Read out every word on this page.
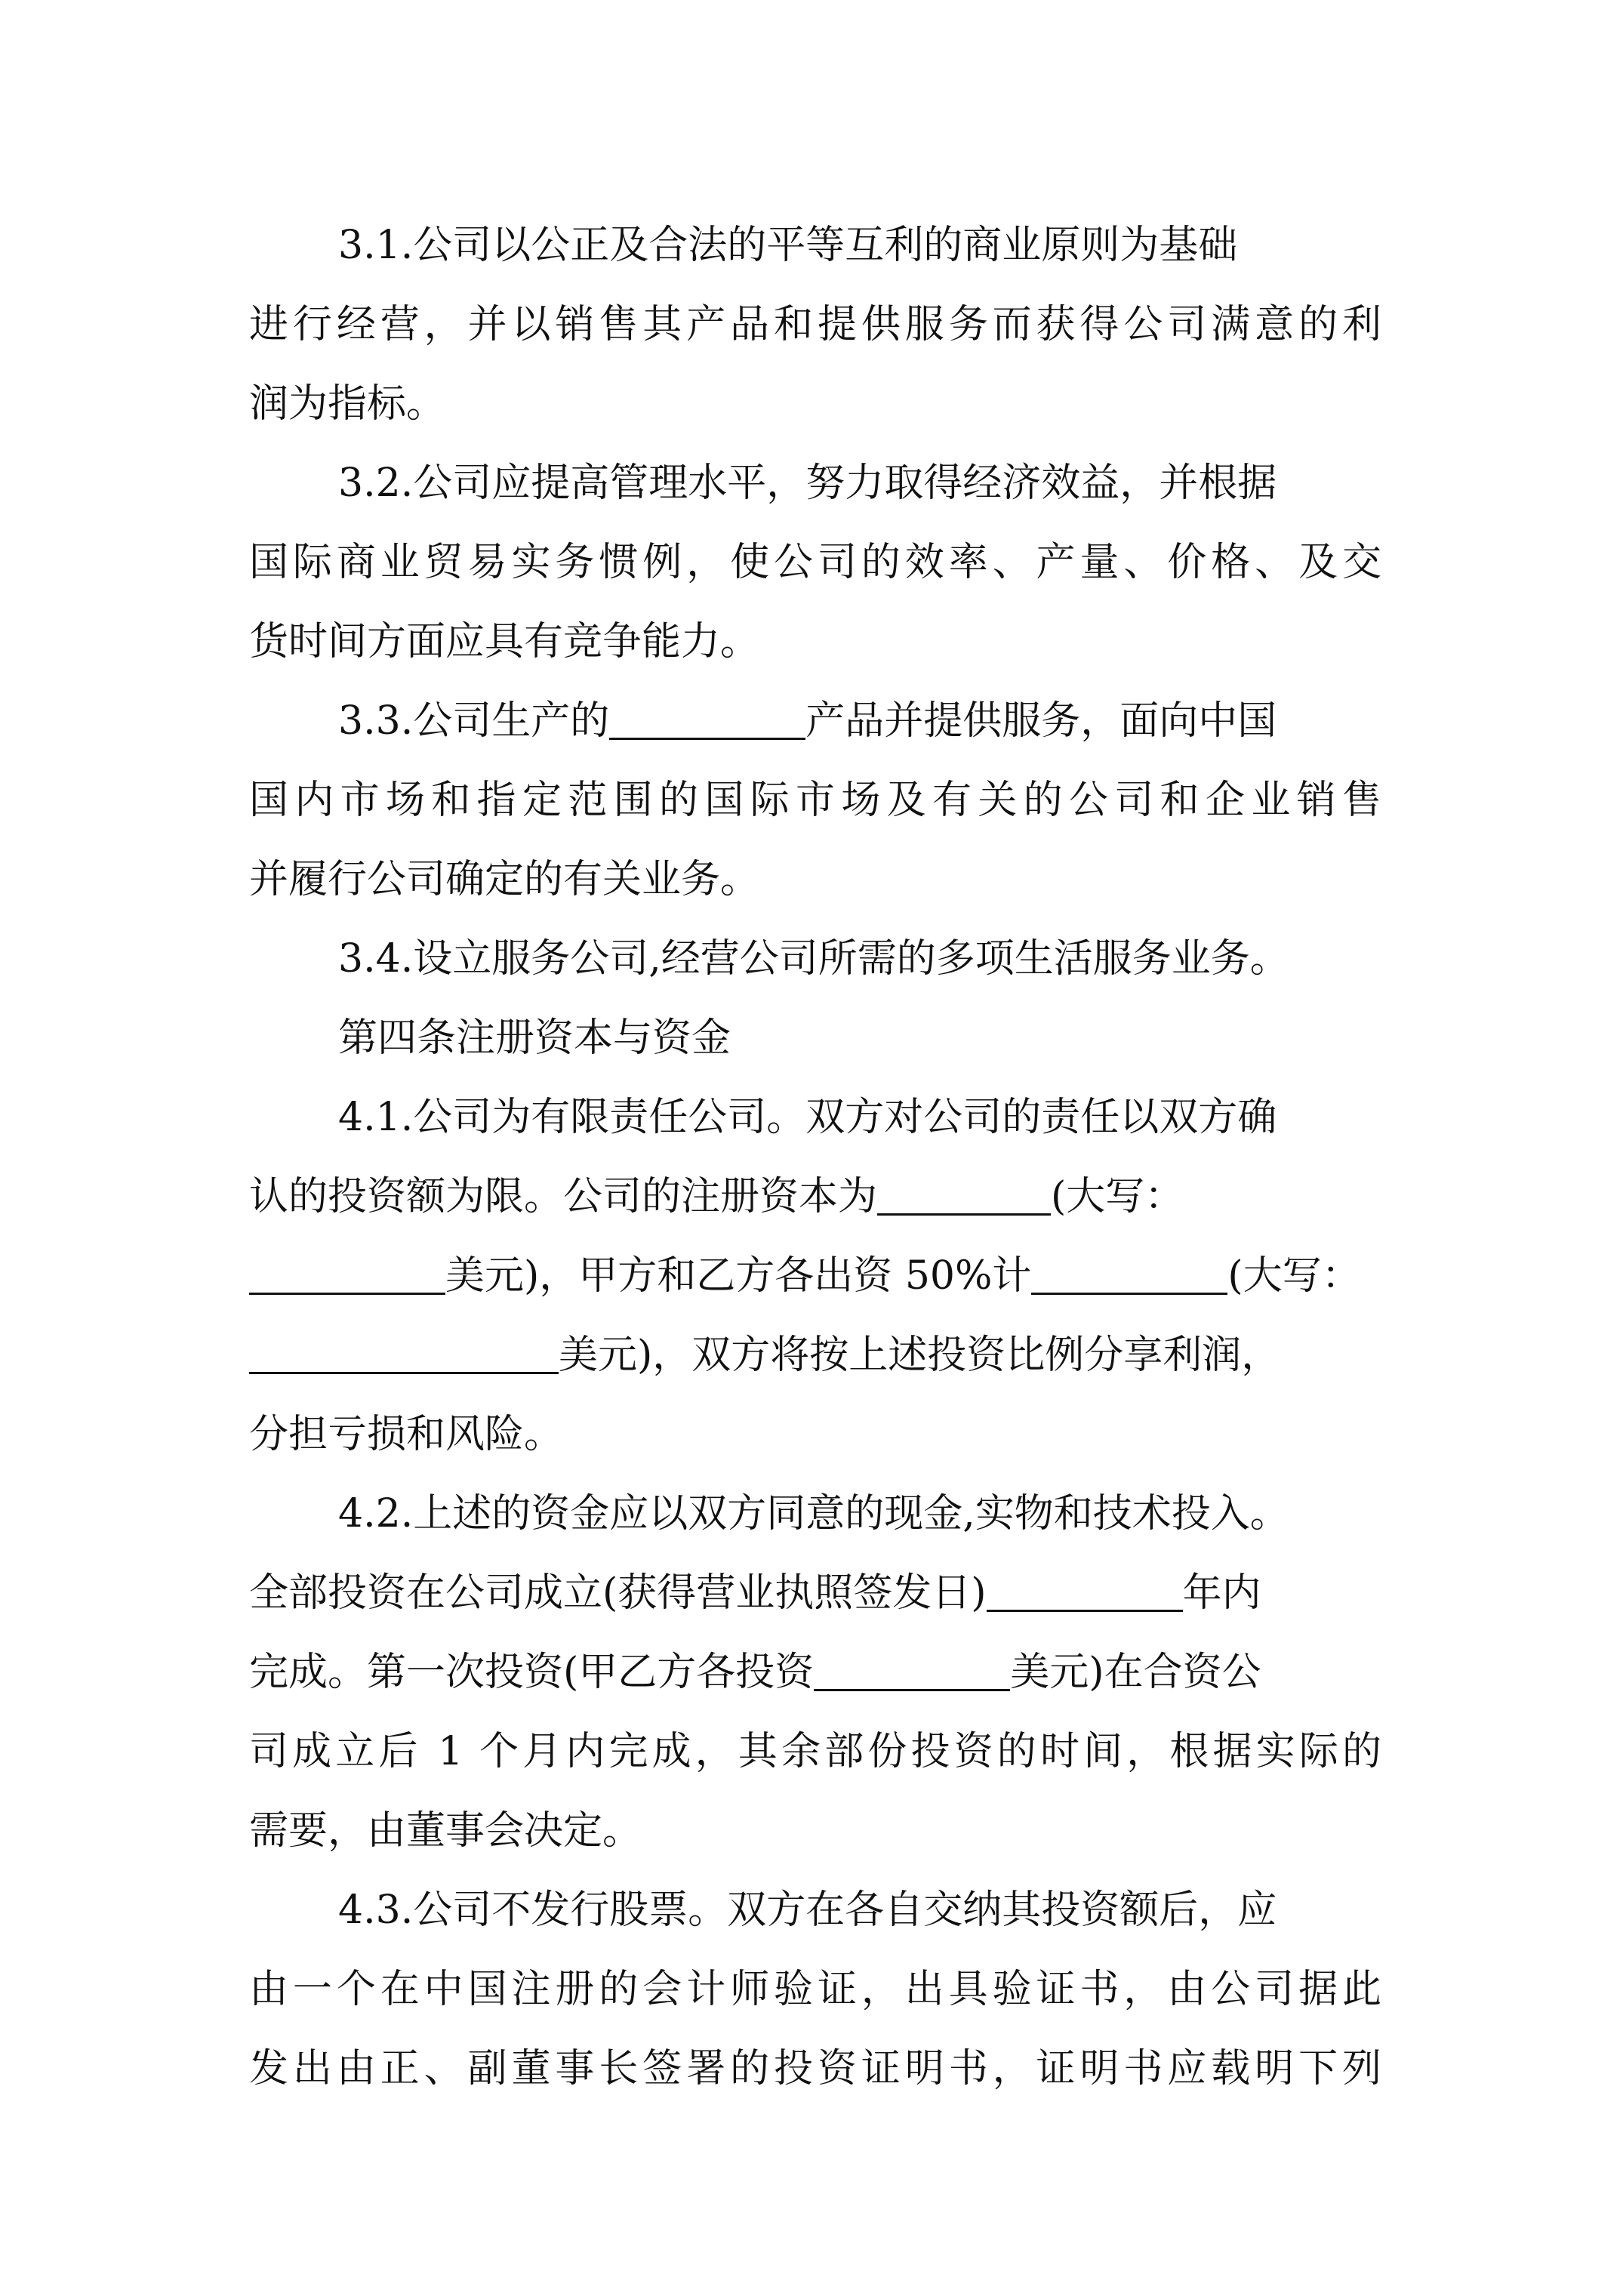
3.1.公司以公正及合法的平等互利的商业原则为基础
进行经营，并以销售其产品和提供服务而获得公司满意的利
润为指标。
3.2.公司应提高管理水平，努力取得经济效益，并根据
国际商业贸易实务惯例，使公司的效率、产量、价格、及交
货时间方面应具有竞争能力。
3.3.公司生产的	产品并提供服务，面向中国
国内市场和指定范围的国际市场及有关的公司和企业销售
并履行公司确定的有关业务。
3.4.设立服务公司,经营公司所需的多项生活服务业务。
第四条注册资本与资金
4.1.公司为有限责任公司。双方对公司的责任以双方确
认的投资额为限。公司的注册资本为	(大写：
美元)，甲方和乙方各出资 50%计	(大写：
美元)，双方将按上述投资比例分享利润，
分担亏损和风险。
4.2.上述的资金应以双方同意的现金,实物和技术投入。
全部投资在公司成立(获得营业执照签发日)	年内
完成。第一次投资(甲乙方各投资	美元)在合资公
司成立后 1 个月内完成，其余部份投资的时间，根据实际的
需要，由董事会决定。
4.3.公司不发行股票。双方在各自交纳其投资额后，应
由一个在中国注册的会计师验证，出具验证书，由公司据此
发出由正、副董事长签署的投资证明书，证明书应载明下列
